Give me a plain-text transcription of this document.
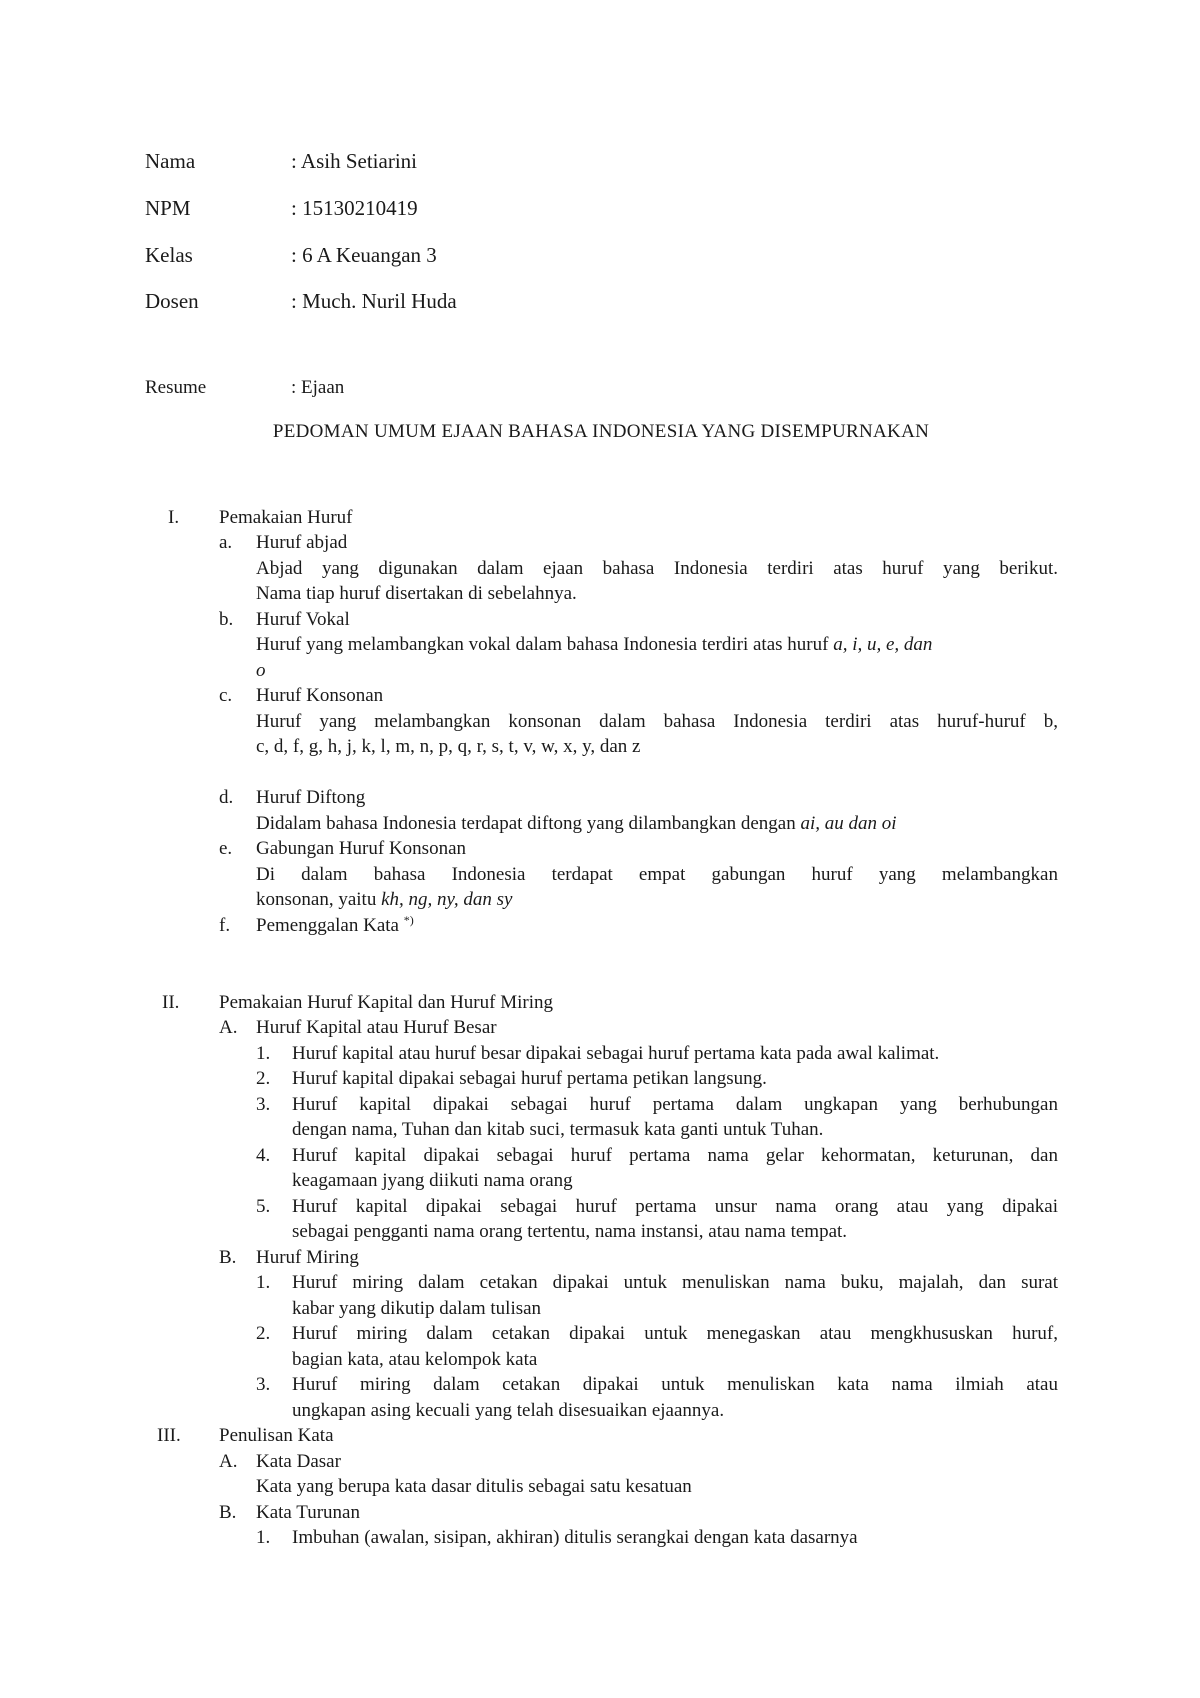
Nama	: Asih Setiarini
NPM	: 15130210419
Kelas	: 6 A Keuangan 3
Dosen	: Much. Nuril Huda
Resume	: Ejaan
PEDOMAN UMUM EJAAN BAHASA INDONESIA YANG DISEMPURNAKAN
I. Pemakaian Huruf
a. Huruf abjad
Abjad yang digunakan dalam ejaan bahasa Indonesia terdiri atas huruf yang berikut.
Nama tiap huruf disertakan di sebelahnya.
b. Huruf Vokal
Huruf yang melambangkan vokal dalam bahasa Indonesia terdiri atas huruf a, i, u, e, dan
o
c. Huruf Konsonan
Huruf yang melambangkan konsonan dalam bahasa Indonesia terdiri atas huruf-huruf b,
c, d, f, g, h, j, k, l, m, n, p, q, r, s, t, v, w, x, y, dan z
d. Huruf Diftong
Didalam bahasa Indonesia terdapat diftong yang dilambangkan dengan ai, au dan oi
e. Gabungan Huruf Konsonan
Di dalam bahasa Indonesia terdapat empat gabungan huruf yang melambangkan
konsonan, yaitu kh, ng, ny, dan sy
f. Pemenggalan Kata *)
II. Pemakaian Huruf Kapital dan Huruf Miring
A. Huruf Kapital atau Huruf Besar
1. Huruf kapital atau huruf besar dipakai sebagai huruf pertama kata pada awal kalimat.
2. Huruf kapital dipakai sebagai huruf pertama petikan langsung.
3. Huruf kapital dipakai sebagai huruf pertama dalam ungkapan yang berhubungan
dengan nama, Tuhan dan kitab suci, termasuk kata ganti untuk Tuhan.
4. Huruf kapital dipakai sebagai huruf pertama nama gelar kehormatan, keturunan, dan
keagamaan jyang diikuti nama orang
5. Huruf kapital dipakai sebagai huruf pertama unsur nama orang atau yang dipakai
sebagai pengganti nama orang tertentu, nama instansi, atau nama tempat.
B. Huruf Miring
1. Huruf miring dalam cetakan dipakai untuk menuliskan nama buku, majalah, dan surat
kabar yang dikutip dalam tulisan
2. Huruf miring dalam cetakan dipakai untuk menegaskan atau mengkhususkan huruf,
bagian kata, atau kelompok kata
3. Huruf miring dalam cetakan dipakai untuk menuliskan kata nama ilmiah atau
ungkapan asing kecuali yang telah disesuaikan ejaannya.
III. Penulisan Kata
A. Kata Dasar
Kata yang berupa kata dasar ditulis sebagai satu kesatuan
B. Kata Turunan
1. Imbuhan (awalan, sisipan, akhiran) ditulis serangkai dengan kata dasarnya
